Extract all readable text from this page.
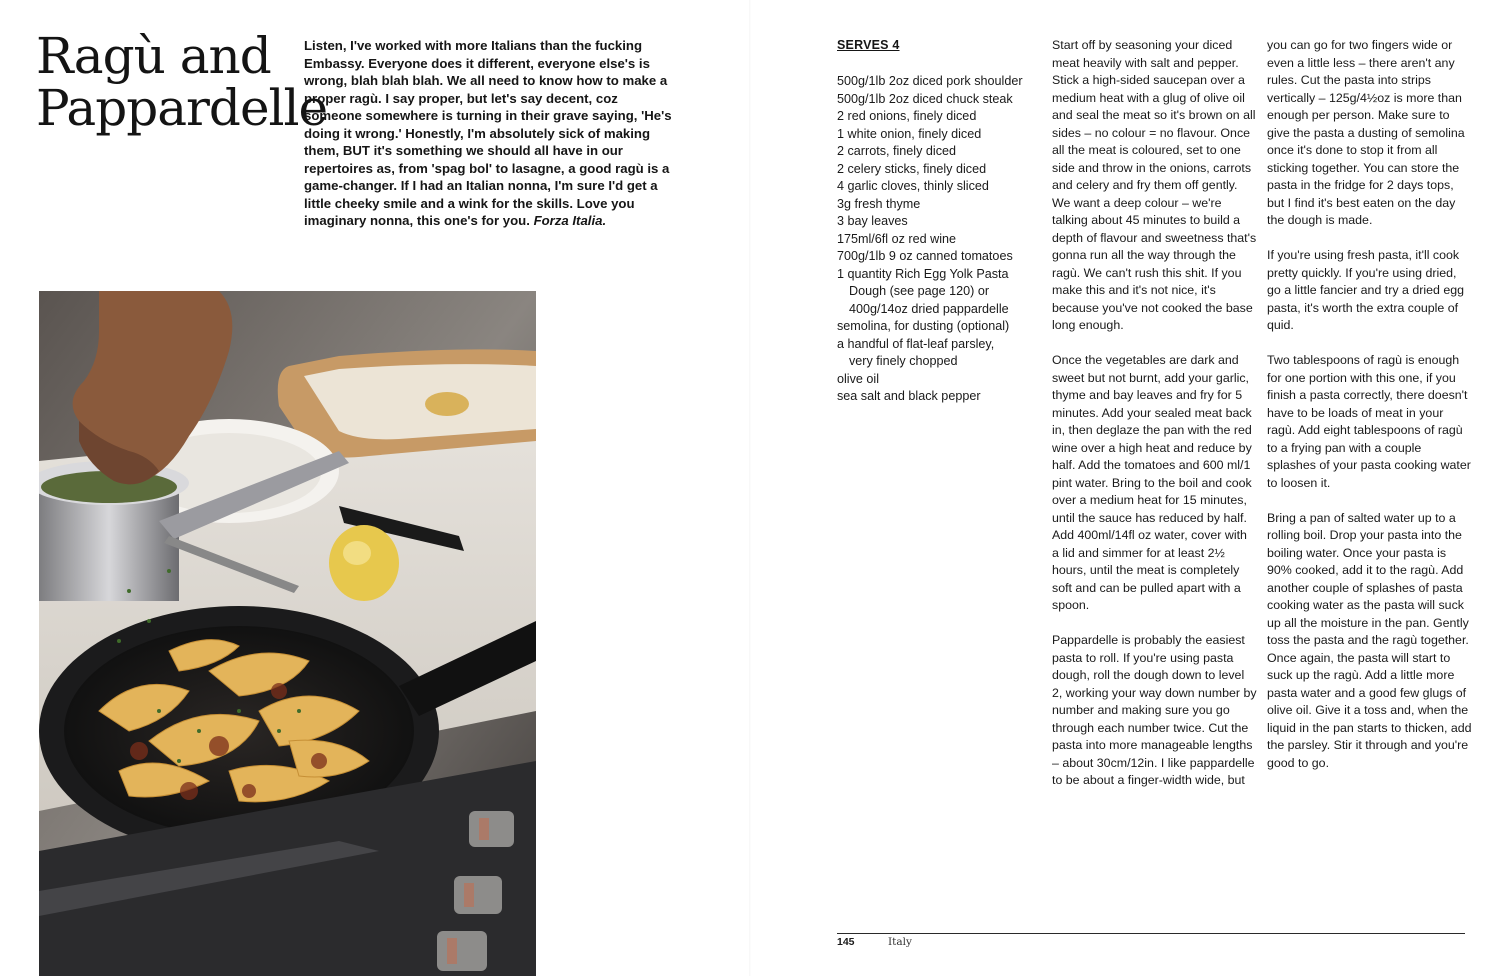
Ragù and
Pappardelle

Listen, I've worked with more Italians than the fucking Embassy. Everyone does it different, everyone else's is wrong, blah blah blah. We all need to know how to make a proper ragù. I say proper, but let's say decent, coz someone somewhere is turning in their grave saying, 'He's doing it wrong.' Honestly, I'm absolutely sick of making them, BUT it's something we should all have in our repertoires as, from 'spag bol' to lasagne, a good ragù is a game-changer. If I had an Italian nonna, I'm sure I'd get a little cheeky smile and a wink for the skills. Love you imaginary nonna, this one's for you. Forza Italia.

SERVES 4

500g/1lb 2oz diced pork shoulder
500g/1lb 2oz diced chuck steak
2 red onions, finely diced
1 white onion, finely diced
2 carrots, finely diced
2 celery sticks, finely diced
4 garlic cloves, thinly sliced
3g fresh thyme
3 bay leaves
175ml/6fl oz red wine
700g/1lb 9 oz canned tomatoes
1 quantity Rich Egg Yolk Pasta
Dough (see page 120) or
400g/14oz dried pappardelle
semolina, for dusting (optional)
a handful of flat-leaf parsley,
very finely chopped
olive oil
sea salt and black pepper

Start off by seasoning your diced meat heavily with salt and pepper. Stick a high-sided saucepan over a medium heat with a glug of olive oil and seal the meat so it's brown on all sides – no colour = no flavour. Once all the meat is coloured, set to one side and throw in the onions, carrots and celery and fry them off gently. We want a deep colour – we're talking about 45 minutes to build a depth of flavour and sweetness that's gonna run all the way through the ragù. We can't rush this shit. If you make this and it's not nice, it's because you've not cooked the base long enough.

Once the vegetables are dark and sweet but not burnt, add your garlic, thyme and bay leaves and fry for 5 minutes. Add your sealed meat back in, then deglaze the pan with the red wine over a high heat and reduce by half. Add the tomatoes and 600 ml/1 pint water. Bring to the boil and cook over a medium heat for 15 minutes, until the sauce has reduced by half. Add 400ml/14fl oz water, cover with a lid and simmer for at least 2½ hours, until the meat is completely soft and can be pulled apart with a spoon.

Pappardelle is probably the easiest pasta to roll. If you're using pasta dough, roll the dough down to level 2, working your way down number by number and making sure you go through each number twice. Cut the pasta into more manageable lengths – about 30cm/12in. I like pappardelle to be about a finger-width wide, but

you can go for two fingers wide or even a little less – there aren't any rules. Cut the pasta into strips vertically – 125g/4½oz is more than enough per person. Make sure to give the pasta a dusting of semolina once it's done to stop it from all sticking together. You can store the pasta in the fridge for 2 days tops, but I find it's best eaten on the day the dough is made.

If you're using fresh pasta, it'll cook pretty quickly. If you're using dried, go a little fancier and try a dried egg pasta, it's worth the extra couple of quid.

Two tablespoons of ragù is enough for one portion with this one, if you finish a pasta correctly, there doesn't have to be loads of meat in your ragù. Add eight tablespoons of ragù to a frying pan with a couple splashes of your pasta cooking water to loosen it.

Bring a pan of salted water up to a rolling boil. Drop your pasta into the boiling water. Once your pasta is 90% cooked, add it to the ragù. Add another couple of splashes of pasta cooking water as the pasta will suck up all the moisture in the pan. Gently toss the pasta and the ragù together. Once again, the pasta will start to suck up the ragù. Add a little more pasta water and a good few glugs of olive oil. Give it a toss and, when the liquid in the pan starts to thicken, add the parsley. Stir it through and you're good to go.

145	Italy
